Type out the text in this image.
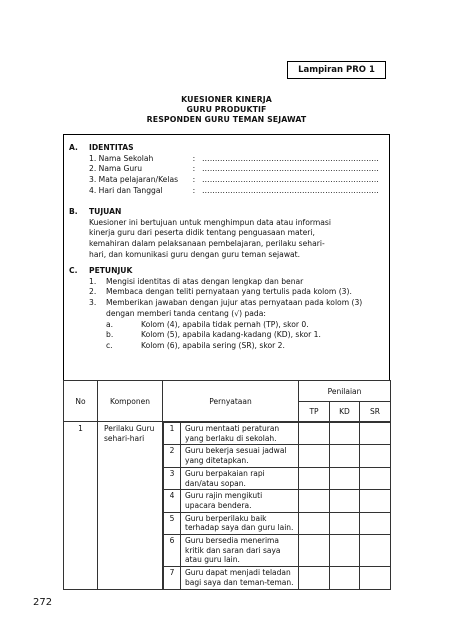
Lampiran PRO 1
KUESIONER KINERJA
GURU PRODUKTIF
RESPONDEN GURU TEMAN SEJAWAT
A. IDENTITAS
1. Nama Sekolah	: ……………………………………………………………
2. Nama Guru	: ……………………………………………………………
3. Mata pelajaran/Kelas	: ……………………………………………………………
4. Hari dan Tanggal	: ……………………………………………………………
B. TUJUAN
Kuesioner ini bertujuan untuk menghimpun data atau informasi
kinerja guru dari peserta didik tentang penguasaan materi,
kemahiran dalam pelaksanaan pembelajaran, perilaku sehari-
hari, dan komunikasi guru dengan guru teman sejawat.
C. PETUNJUK
1.	Mengisi identitas di atas dengan lengkap dan benar
2.	Membaca dengan teliti pernyataan yang tertulis pada kolom (3).
3.	Memberikan jawaban dengan jujur atas pernyataan pada kolom (3)
dengan memberi tanda centang (√) pada:
a.	Kolom (4), apabila tidak pernah (TP), skor 0.
b.	Kolom (5), apabila kadang-kadang (KD), skor 1.
c.	Kolom (6), apabila sering (SR), skor 2.
No	Komponen	Pernyataan	Penilaian
TP	KD	SR
1	Perilaku Guru
sehari-hari

1	Guru mentaati peraturan
yang berlaku di sekolah.

2	Guru bekerja sesuai jadwal
yang ditetapkan.

3	Guru berpakaian rapi
dan/atau sopan.

4	Guru rajin mengikuti
upacara bendera.

5	Guru berperilaku baik
terhadap saya dan guru lain.

6	Guru bersedia menerima
kritik dan saran dari saya
atau guru lain.

7	Guru dapat menjadi teladan
bagi saya dan teman-teman.

272
